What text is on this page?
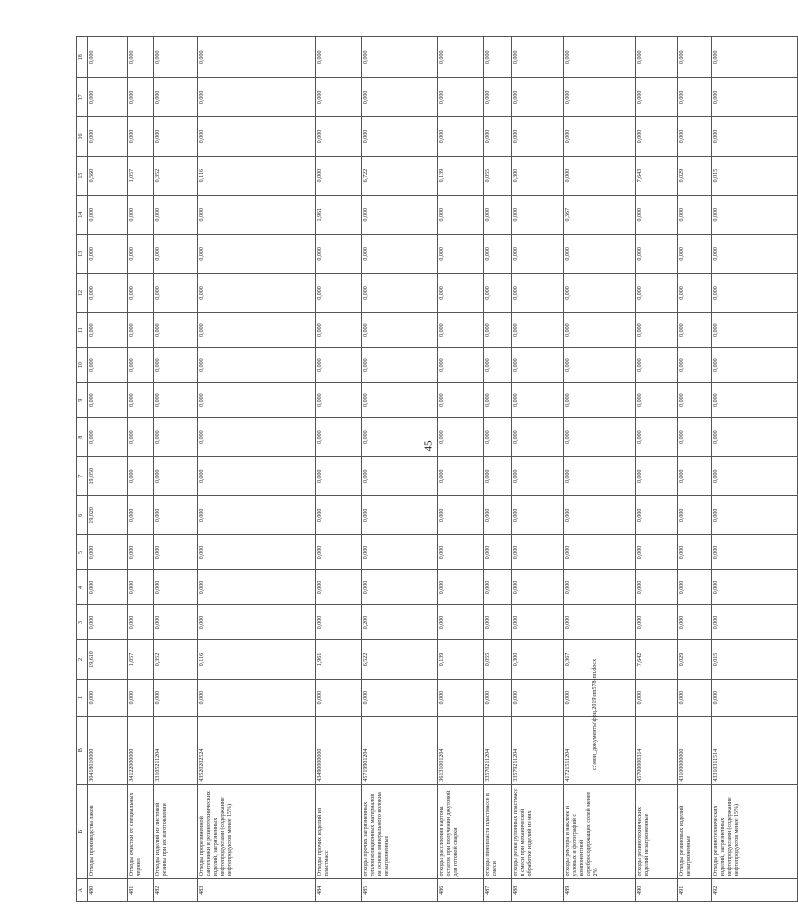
А	Б	В	1	2	3	4	5	6	7	8	9	10	11	12	13	14	15	16	17	18
480	Отходы производства лаков	30418010000	0,000	19,610	0,000	0,000	0,000	19,020	19,050	0,000	0,000	0,000	0,000	0,000	0,000	0,000	0,560	0,000	0,000	0,000
481	Отходы очистки от специальных чернил	34122000000	0,000	1,057	0,000	0,000	0,000	0,000	0,000	0,000	0,000	0,000	0,000	0,000	0,000	0,000	1,057	0,000	0,000	0,000
482	Отходы изделий из листовой резины при их изготовлении	33105211204	0,000	0,352	0,000	0,000	0,000	0,000	0,000	0,000	0,000	0,000	0,000	0,000	0,000	0,000	0,352	0,000	0,000	0,000
483	Отходы прорезиненной сантехники и резинотехнических изделий, загрязненных нефтепродуктами (содержание нефтепродуктов менее 15%)	43520202524	0,000	0,116	0,000	0,000	0,000	0,000	0,000	0,000	0,000	0,000	0,000	0,000	0,000	0,000	0,116	0,000	0,000	0,000
484	Отходы прочих изделий из пластмасс	43490000000	0,000	1,961	0,000	0,000	0,000	0,000	0,000	0,000	0,000	0,000	0,000	0,000	0,000	1,961	0,000	0,000	0,000	0,000
485	отходы прочих загрязненных теплоизоляционных материалов на основе минерального волокна незагрязненные	45719901204	0,000	6,522	0,200	0,000	0,000	0,000	0,000	0,000	0,000	0,000	0,000	0,000	0,000	0,000	6,722	0,000	0,000	0,000
486	отходы расслоения картона остаток при получении джутовой для готовой сварки	36131001204	0,000	0,139	0,000	0,000	0,000	0,000	0,000	0,000	0,000	0,000	0,000	0,000	0,000	0,000	0,139	0,000	0,000	0,000
487	отходы пенопласта пластмассе в смеси	33570211204	0,000	0,055	0,000	0,000	0,000	0,000	0,000	0,000	0,000	0,000	0,000	0,000	0,000	0,000	0,055	0,000	0,000	0,000
488	отходы резки рулонных пластмасс в смеси при механической обработке изделий из них	33579211204	0,000	0,300	0,000	0,000	0,000	0,000	0,000	0,000	0,000	0,000	0,000	0,000	0,000	0,000	0,300	0,000	0,000	0,000
489	отходы ректора и наклеек и узловых и фотографий с компонентной серебросодержащих солей менее 2%	41721511204	0,000	0,367	0,000	0,000	0,000	0,000	0,000	0,000	0,000	0,000	0,000	0,000	0,000	0,367	0,000	0,000	0,000	0,000
490	отходы резинотехнических изделий незагрязненные	45700000314	0,000	7,642	0,000	0,000	0,000	0,000	0,000	0,000	0,000	0,000	0,000	0,000	0,000	0,000	7,643	0,000	0,000	0,000
491	Отходы резиновых изделий незагрязненные	43100000000	0,000	0,029	0,000	0,000	0,000	0,000	0,000	0,000	0,000	0,000	0,000	0,000	0,000	0,000	0,029	0,000	0,000	0,000
492	Отходы резинотехнических изделий, загрязненных нефтепродуктами (содержание нефтепродуктов менее 15%)	43310311514	0,000	0,015	0,000	0,000	0,000	0,000	0,000	0,000	0,000	0,000	0,000	0,000	0,000	0,000	0,015	0,000	0,000	0,000
45
c:\мои_документы\фрц.2019\пп578-пп.docx
